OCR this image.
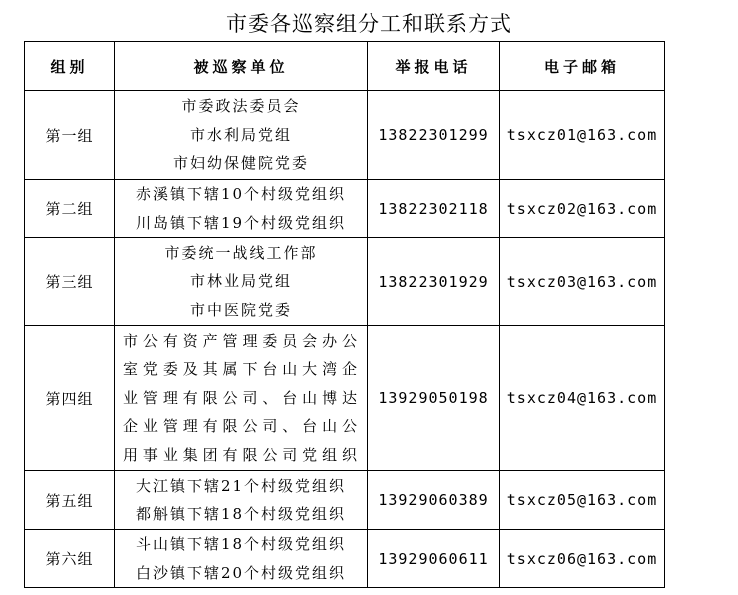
市委各巡察组分工和联系方式
组别	被巡察单位	举报电话	电子邮箱
第一组	市委政法委员会
市水利局党组
市妇幼保健院党委	13822301299	tsxcz01@163.com
第二组	赤溪镇下辖10个村级党组织
川岛镇下辖19个村级党组织	13822302118	tsxcz02@163.com
第三组	市委统一战线工作部
市林业局党组
市中医院党委	13822301929	tsxcz03@163.com
第四组	市公有资产管理委员会办公
室党委及其属下台山大湾企
业管理有限公司、台山博达
企业管理有限公司、台山公
用事业集团有限公司党组织	13929050198	tsxcz04@163.com
第五组	大江镇下辖21个村级党组织
都斛镇下辖18个村级党组织	13929060389	tsxcz05@163.com
第六组	斗山镇下辖18个村级党组织
白沙镇下辖20个村级党组织	13929060611	tsxcz06@163.com
